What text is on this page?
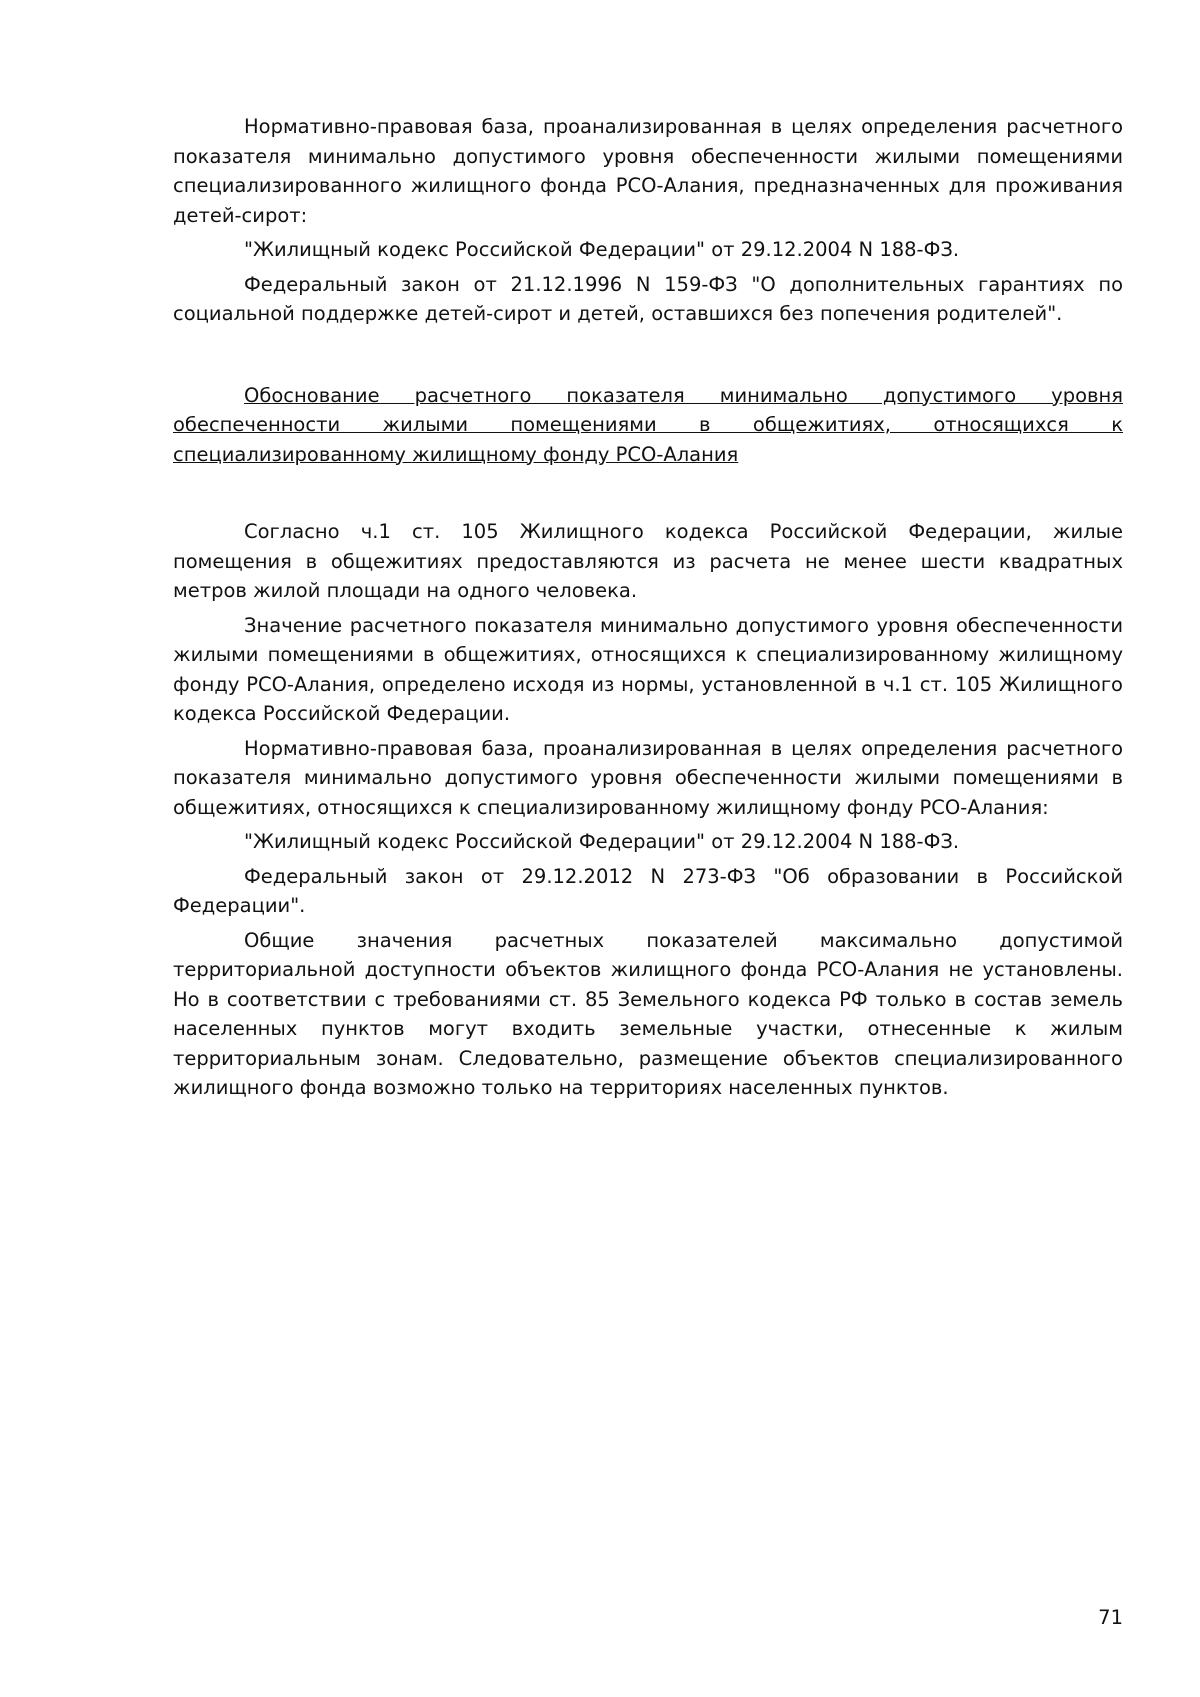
Нормативно-правовая база, проанализированная в целях определения расчетного показателя минимально допустимого уровня обеспеченности жилыми помещениями специализированного жилищного фонда РСО-Алания, предназначенных для проживания детей-сирот:

"Жилищный кодекс Российской Федерации" от 29.12.2004 N 188-ФЗ.

Федеральный закон от 21.12.1996 N 159-ФЗ "О дополнительных гарантиях по социальной поддержке детей-сирот и детей, оставшихся без попечения родителей".

Обоснование расчетного показателя минимально допустимого уровня обеспеченности жилыми помещениями в общежитиях, относящихся к специализированному жилищному фонду РСО-Алания

Согласно ч.1 ст. 105 Жилищного кодекса Российской Федерации, жилые помещения в общежитиях предоставляются из расчета не менее шести квадратных метров жилой площади на одного человека.

Значение расчетного показателя минимально допустимого уровня обеспеченности жилыми помещениями в общежитиях, относящихся к специализированному жилищному фонду РСО-Алания, определено исходя из нормы, установленной в ч.1 ст. 105 Жилищного кодекса Российской Федерации.

Нормативно-правовая база, проанализированная в целях определения расчетного показателя минимально допустимого уровня обеспеченности жилыми помещениями в общежитиях, относящихся к специализированному жилищному фонду РСО-Алания:

"Жилищный кодекс Российской Федерации" от 29.12.2004 N 188-ФЗ.

Федеральный закон от 29.12.2012 N 273-ФЗ "Об образовании в Российской Федерации".

Общие значения расчетных показателей максимально допустимой территориальной доступности объектов жилищного фонда РСО-Алания не установлены. Но в соответствии с требованиями ст. 85 Земельного кодекса РФ только в состав земель населенных пунктов могут входить земельные участки, отнесенные к жилым территориальным зонам. Следовательно, размещение объектов специализированного жилищного фонда возможно только на территориях населенных пунктов.

71
